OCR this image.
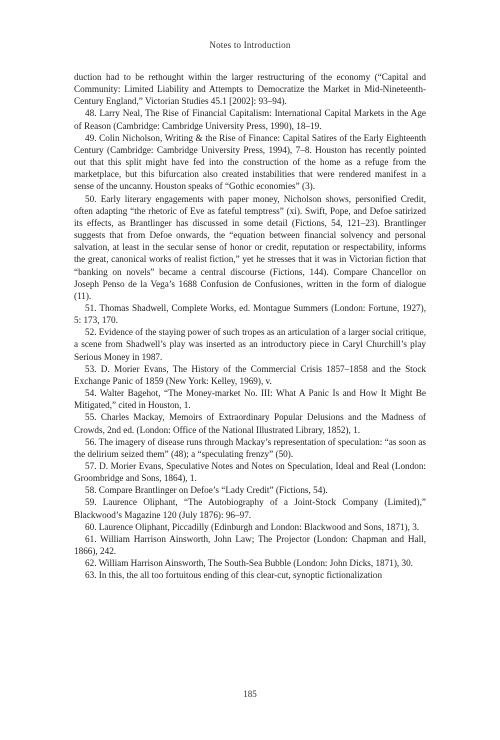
Notes to Introduction

duction had to be rethought within the larger restructuring of the economy (“Capital and Community: Limited Liability and Attempts to Democratize the Market in Mid-Nineteenth-Century England,” Victorian Studies 45.1 [2002]: 93–94).

48. Larry Neal, The Rise of Financial Capitalism: International Capital Markets in the Age of Reason (Cambridge: Cambridge University Press, 1990), 18–19.

49. Colin Nicholson, Writing & the Rise of Finance: Capital Satires of the Early Eighteenth Century (Cambridge: Cambridge University Press, 1994), 7–8. Houston has recently pointed out that this split might have fed into the construction of the home as a refuge from the marketplace, but this bifurcation also created instabilities that were rendered manifest in a sense of the uncanny. Houston speaks of “Gothic economies” (3).

50. Early literary engagements with paper money, Nicholson shows, personified Credit, often adapting “the rhetoric of Eve as fateful temptress” (xi). Swift, Pope, and Defoe satirized its effects, as Brantlinger has discussed in some detail (Fictions, 54, 121–23). Brantlinger suggests that from Defoe onwards, the “equation between financial solvency and personal salvation, at least in the secular sense of honor or credit, reputation or respectability, informs the great, canonical works of realist fiction,” yet he stresses that it was in Victorian fiction that “banking on novels” became a central discourse (Fictions, 144). Compare Chancellor on Joseph Penso de la Vega’s 1688 Confusion de Confusiones, written in the form of dialogue (11).

51. Thomas Shadwell, Complete Works, ed. Montague Summers (London: Fortune, 1927), 5: 173, 170.

52. Evidence of the staying power of such tropes as an articulation of a larger social critique, a scene from Shadwell’s play was inserted as an introductory piece in Caryl Churchill’s play Serious Money in 1987.

53. D. Morier Evans, The History of the Commercial Crisis 1857–1858 and the Stock Exchange Panic of 1859 (New York: Kelley, 1969), v.

54. Walter Bagehot, “The Money-market No. III: What A Panic Is and How It Might Be Mitigated,” cited in Houston, 1.

55. Charles Mackay, Memoirs of Extraordinary Popular Delusions and the Madness of Crowds, 2nd ed. (London: Office of the National Illustrated Library, 1852), 1.

56. The imagery of disease runs through Mackay’s representation of speculation: “as soon as the delirium seized them” (48); a “speculating frenzy” (50).

57. D. Morier Evans, Speculative Notes and Notes on Speculation, Ideal and Real (London: Groombridge and Sons, 1864), 1.

58. Compare Brantlinger on Defoe’s “Lady Credit” (Fictions, 54).

59. Laurence Oliphant, “The Autobiography of a Joint-Stock Company (Limited),” Blackwood’s Magazine 120 (July 1876): 96–97.

60. Laurence Oliphant, Piccadilly (Edinburgh and London: Blackwood and Sons, 1871), 3.

61. William Harrison Ainsworth, John Law; The Projector (London: Chapman and Hall, 1866), 242.

62. William Harrison Ainsworth, The South-Sea Bubble (London: John Dicks, 1871), 30.

63. In this, the all too fortuitous ending of this clear-cut, synoptic fictionalization

185
